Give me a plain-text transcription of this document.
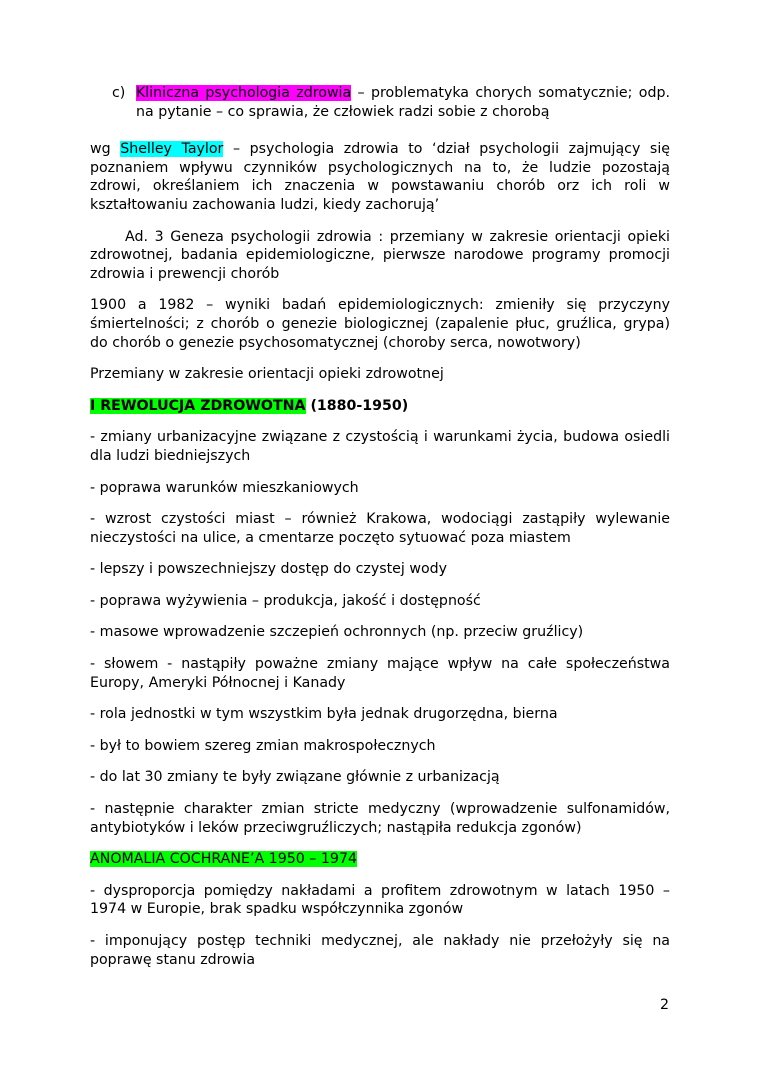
c) Kliniczna psychologia zdrowia – problematyka chorych somatycznie; odp. na pytanie – co sprawia, że człowiek radzi sobie z chorobą

wg Shelley Taylor – psychologia zdrowia to ‘dział psychologii zajmujący się poznaniem wpływu czynników psychologicznych na to, że ludzie pozostają zdrowi, określaniem ich znaczenia w powstawaniu chorób orz ich roli w kształtowaniu zachowania ludzi, kiedy zachorują’

Ad. 3 Geneza psychologii zdrowia : przemiany w zakresie orientacji opieki zdrowotnej, badania epidemiologiczne, pierwsze narodowe programy promocji zdrowia i prewencji chorób

1900 a 1982 – wyniki badań epidemiologicznych: zmieniły się przyczyny śmiertelności; z chorób o genezie biologicznej (zapalenie płuc, gruźlica, grypa) do chorób o genezie psychosomatycznej (choroby serca, nowotwory)

Przemiany w zakresie orientacji opieki zdrowotnej

I REWOLUCJA ZDROWOTNA (1880-1950)

- zmiany urbanizacyjne związane z czystością i warunkami życia, budowa osiedli dla ludzi biedniejszych

- poprawa warunków mieszkaniowych

- wzrost czystości miast – również Krakowa, wodociągi zastąpiły wylewanie nieczystości na ulice, a cmentarze poczęto sytuować poza miastem

- lepszy i powszechniejszy dostęp do czystej wody

- poprawa wyżywienia – produkcja, jakość i dostępność

- masowe wprowadzenie szczepień ochronnych (np. przeciw gruźlicy)

- słowem - nastąpiły poważne zmiany mające wpływ na całe społeczeństwa Europy, Ameryki Północnej i Kanady

- rola jednostki w tym wszystkim była jednak drugorzędna, bierna

- był to bowiem szereg zmian makrospołecznych

- do lat 30 zmiany te były związane głównie z urbanizacją

- następnie charakter zmian stricte medyczny (wprowadzenie sulfonamidów, antybiotyków i leków przeciwgruźliczych; nastąpiła redukcja zgonów)

ANOMALIA COCHRANE’A 1950 – 1974

- dysproporcja pomiędzy nakładami a profitem zdrowotnym w latach 1950 – 1974 w Europie, brak spadku współczynnika zgonów

- imponujący postęp techniki medycznej, ale nakłady nie przełożyły się na poprawę stanu zdrowia

2
